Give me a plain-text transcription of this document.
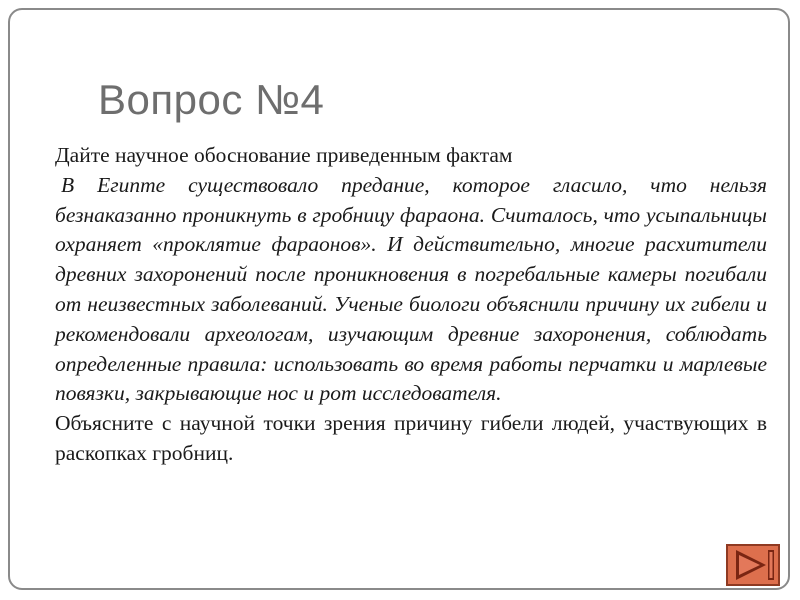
Вопрос №4

Дайте научное обоснование приведенным фактам

В Египте существовало предание, которое гласило, что нельзя безнаказанно проникнуть в гробницу фараона. Считалось, что усыпальницы охраняет «проклятие фараонов». И действительно, многие расхитители древних захоронений после проникновения в погребальные камеры погибали от неизвестных заболеваний. Ученые биологи объяснили причину их гибели и рекомендовали археологам, изучающим древние захоронения, соблюдать определенные правила: использовать во время работы перчатки и марлевые повязки, закрывающие нос и рот исследователя.

Объясните с научной точки зрения причину гибели людей, участвующих в раскопках гробниц.
